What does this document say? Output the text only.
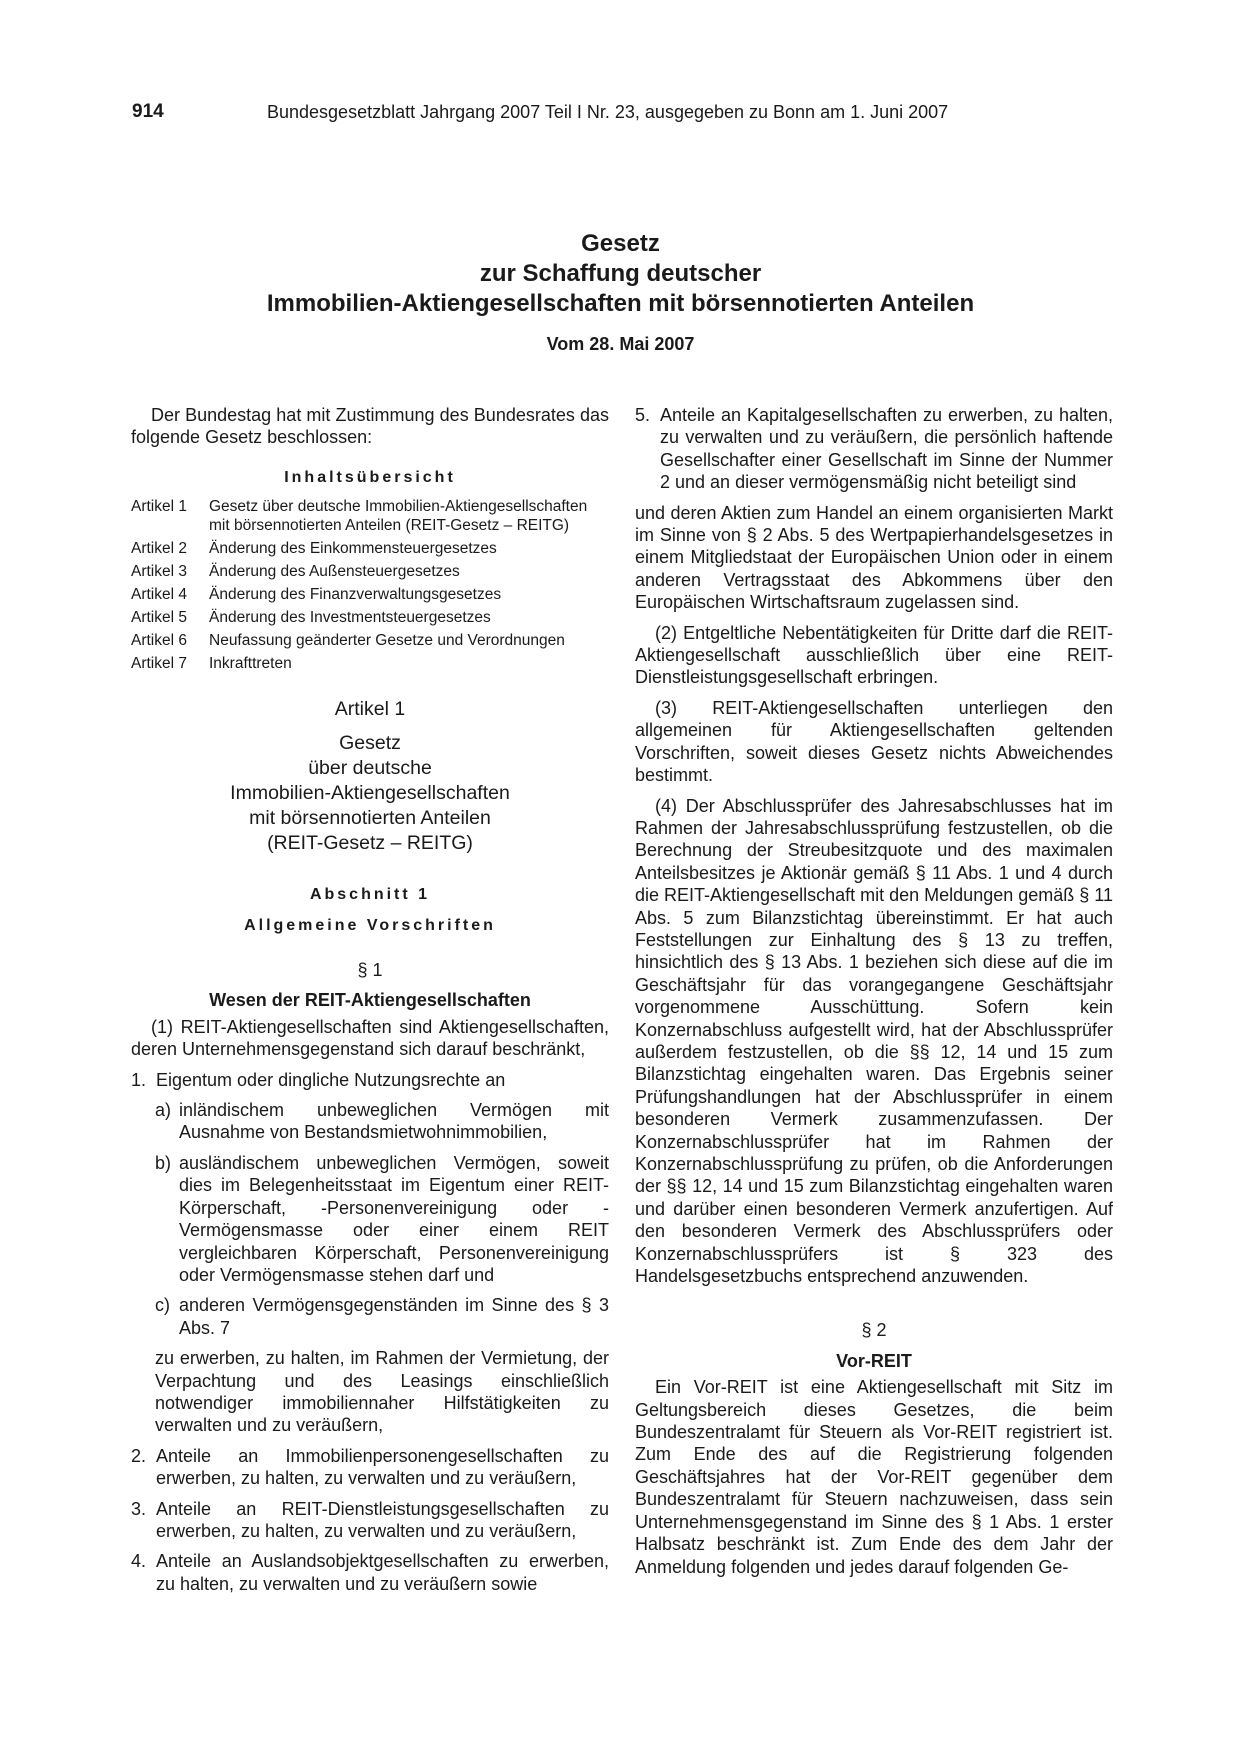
914	Bundesgesetzblatt Jahrgang 2007 Teil I Nr. 23, ausgegeben zu Bonn am 1. Juni 2007
Gesetz
zur Schaffung deutscher
Immobilien-Aktiengesellschaften mit börsennotierten Anteilen
Vom 28. Mai 2007

Der Bundestag hat mit Zustimmung des Bundesrates das folgende Gesetz beschlossen:

Inhaltsübersicht

Artikel 1	Gesetz über deutsche Immobilien-Aktiengesellschaften mit börsennotierten Anteilen (REIT-Gesetz – REITG)
Artikel 2	Änderung des Einkommensteuergesetzes
Artikel 3	Änderung des Außensteuergesetzes
Artikel 4	Änderung des Finanzverwaltungsgesetzes
Artikel 5	Änderung des Investmentsteuergesetzes
Artikel 6	Neufassung geänderter Gesetze und Verordnungen
Artikel 7	Inkrafttreten

Artikel 1

Gesetz
über deutsche
Immobilien-Aktiengesellschaften
mit börsennotierten Anteilen
(REIT-Gesetz – REITG)

Abschnitt 1

Allgemeine Vorschriften

§ 1

Wesen der REIT-Aktiengesellschaften

(1) REIT-Aktiengesellschaften sind Aktiengesellschaften, deren Unternehmensgegenstand sich darauf beschränkt,

1. Eigentum oder dingliche Nutzungsrechte an
a) inländischem unbeweglichen Vermögen mit Ausnahme von Bestandsmietwohnimmobilien,
b) ausländischem unbeweglichen Vermögen, soweit dies im Belegenheitsstaat im Eigentum einer REIT-Körperschaft, -Personenvereinigung oder -Vermögensmasse oder einer einem REIT vergleichbaren Körperschaft, Personenvereinigung oder Vermögensmasse stehen darf und
c) anderen Vermögensgegenständen im Sinne des § 3 Abs. 7

zu erwerben, zu halten, im Rahmen der Vermietung, der Verpachtung und des Leasings einschließlich notwendiger immobiliennaher Hilfstätigkeiten zu verwalten und zu veräußern,

2. Anteile an Immobilienpersonengesellschaften zu erwerben, zu halten, zu verwalten und zu veräußern,
3. Anteile an REIT-Dienstleistungsgesellschaften zu erwerben, zu halten, zu verwalten und zu veräußern,
4. Anteile an Auslandsobjektgesellschaften zu erwerben, zu halten, zu verwalten und zu veräußern sowie
5. Anteile an Kapitalgesellschaften zu erwerben, zu halten, zu verwalten und zu veräußern, die persönlich haftende Gesellschafter einer Gesellschaft im Sinne der Nummer 2 und an dieser vermögensmäßig nicht beteiligt sind

und deren Aktien zum Handel an einem organisierten Markt im Sinne von § 2 Abs. 5 des Wertpapierhandelsgesetzes in einem Mitgliedstaat der Europäischen Union oder in einem anderen Vertragsstaat des Abkommens über den Europäischen Wirtschaftsraum zugelassen sind.

(2) Entgeltliche Nebentätigkeiten für Dritte darf die REIT-Aktiengesellschaft ausschließlich über eine REIT-Dienstleistungsgesellschaft erbringen.

(3) REIT-Aktiengesellschaften unterliegen den allgemeinen für Aktiengesellschaften geltenden Vorschriften, soweit dieses Gesetz nichts Abweichendes bestimmt.

(4) Der Abschlussprüfer des Jahresabschlusses hat im Rahmen der Jahresabschlussprüfung festzustellen, ob die Berechnung der Streubesitzquote und des maximalen Anteilsbesitzes je Aktionär gemäß § 11 Abs. 1 und 4 durch die REIT-Aktiengesellschaft mit den Meldungen gemäß § 11 Abs. 5 zum Bilanzstichtag übereinstimmt. Er hat auch Feststellungen zur Einhaltung des § 13 zu treffen, hinsichtlich des § 13 Abs. 1 beziehen sich diese auf die im Geschäftsjahr für das vorangegangene Geschäftsjahr vorgenommene Ausschüttung. Sofern kein Konzernabschluss aufgestellt wird, hat der Abschlussprüfer außerdem festzustellen, ob die §§ 12, 14 und 15 zum Bilanzstichtag eingehalten waren. Das Ergebnis seiner Prüfungshandlungen hat der Abschlussprüfer in einem besonderen Vermerk zusammenzufassen. Der Konzernabschlussprüfer hat im Rahmen der Konzernabschlussprüfung zu prüfen, ob die Anforderungen der §§ 12, 14 und 15 zum Bilanzstichtag eingehalten waren und darüber einen besonderen Vermerk anzufertigen. Auf den besonderen Vermerk des Abschlussprüfers oder Konzernabschlussprüfers ist § 323 des Handelsgesetzbuchs entsprechend anzuwenden.

§ 2

Vor-REIT

Ein Vor-REIT ist eine Aktiengesellschaft mit Sitz im Geltungsbereich dieses Gesetzes, die beim Bundeszentralamt für Steuern als Vor-REIT registriert ist. Zum Ende des auf die Registrierung folgenden Geschäftsjahres hat der Vor-REIT gegenüber dem Bundeszentralamt für Steuern nachzuweisen, dass sein Unternehmensgegenstand im Sinne des § 1 Abs. 1 erster Halbsatz beschränkt ist. Zum Ende des dem Jahr der Anmeldung folgenden und jedes darauf folgenden Ge-
